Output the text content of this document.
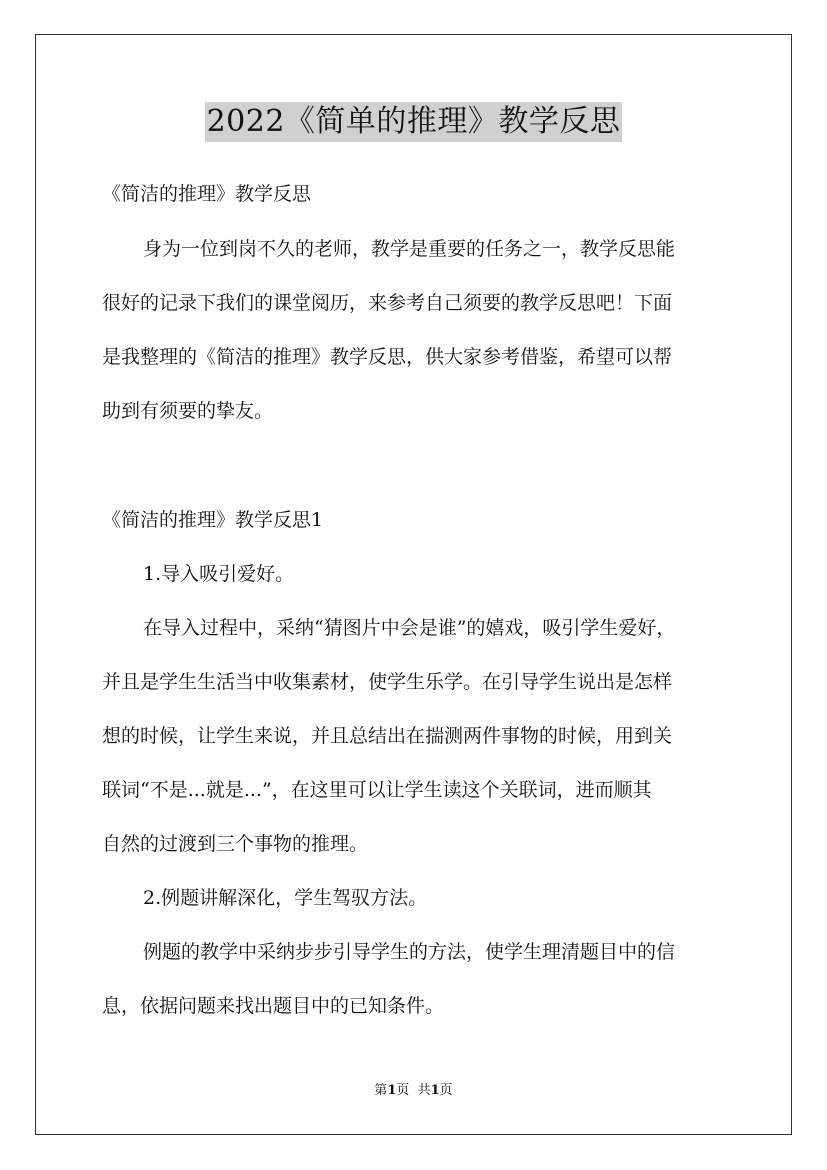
2022《简单的推理》教学反思
《简洁的推理》教学反思
身为一位到岗不久的老师，教学是重要的任务之一，教学反思能
很好的记录下我们的课堂阅历，来参考自己须要的教学反思吧！下面
是我整理的《简洁的推理》教学反思，供大家参考借鉴，希望可以帮
助到有须要的挚友。
《简洁的推理》教学反思1
1.导入吸引爱好。
在导入过程中，采纳“猜图片中会是谁”的嬉戏，吸引学生爱好，
并且是学生生活当中收集素材，使学生乐学。在引导学生说出是怎样
想的时候，让学生来说，并且总结出在揣测两件事物的时候，用到关
联词“不是...就是...”，在这里可以让学生读这个关联词，进而顺其
自然的过渡到三个事物的推理。
2.例题讲解深化，学生驾驭方法。
例题的教学中采纳步步引导学生的方法，使学生理清题目中的信
息，依据问题来找出题目中的已知条件。
第1页  共1页
